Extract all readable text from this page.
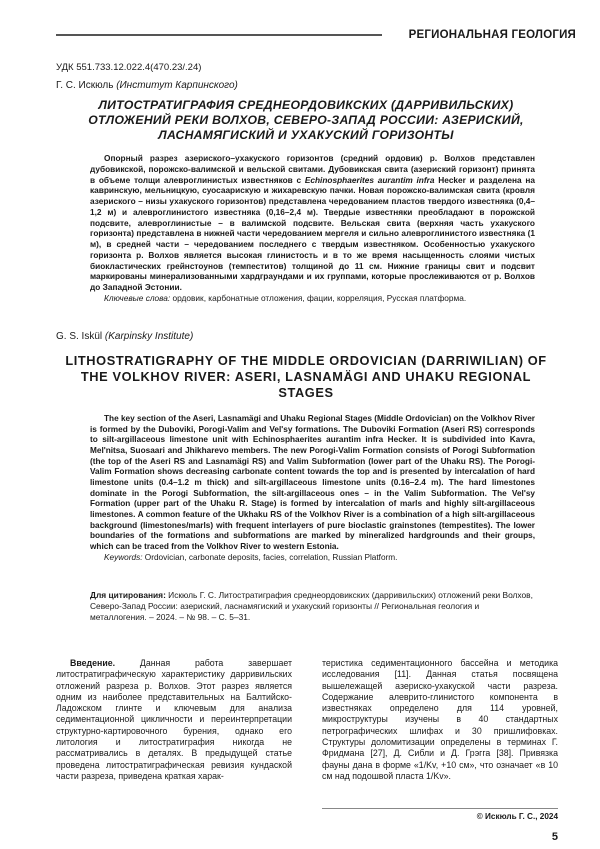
РЕГИОНАЛЬНАЯ ГЕОЛОГИЯ
УДК 551.733.12.022.4(470.23/.24)
Г. С. Искюль (Институт Карпинского)
ЛИТОСТРАТИГРАФИЯ СРЕДНЕОРДОВИКСКИХ (ДАРРИВИЛЬСКИХ) ОТЛОЖЕНИЙ РЕКИ ВОЛХОВ, СЕВЕРО-ЗАПАД РОССИИ: АЗЕРИСКИЙ, ЛАСНАМЯГИСКИЙ И УХАКУСКИЙ ГОРИЗОНТЫ

Опорный разрез азериского–ухакуского горизонтов (средний ордовик) р. Волхов представлен дубовикской, порожско-валимской и вельской свитами. Дубовикская свита (азериский горизонт) принята в объеме толщи алевроглинистых известняков с Echinosphaerites aurantim infra Hecker и разделена на кавринскую, мельницкую, суосаарискую и жихаревскую пачки. Новая порожско-валимская свита (кровля азериского – низы ухакуского горизонтов) представлена чередованием пластов твердого известняка (0,4–1,2 м) и алевроглинистого известняка (0,16–2,4 м). Твердые известняки преобладают в порожской подсвите, алевроглинистые – в валимской подсвите. Вельская свита (верхняя часть ухакуского горизонта) представлена в нижней части чередованием мергеля и сильно алевроглинистого известняка (1 м), в средней части – чередованием последнего с твердым известняком. Особенностью ухакуского горизонта р. Волхов является высокая глинистость и в то же время насыщенность слоями чистых биокластических грейнстоунов (темпеститов) толщиной до 11 см. Нижние границы свит и подсвит маркированы минерализованными хардграундами и их группами, которые прослеживаются от р. Волхов до Западной Эстонии.

Ключевые слова: ордовик, карбонатные отложения, фации, корреляция, Русская платформа.

G. S. Iskül (Karpinsky Institute)
LITHOSTRATIGRAPHY OF THE MIDDLE ORDOVICIAN (DARRIWILIAN) OF THE VOLKHOV RIVER: ASERI, LASNAMÄGI AND UHAKU REGIONAL STAGES

The key section of the Aseri, Lasnamägi and Uhaku Regional Stages (Middle Ordovician) on the Volkhov River is formed by the Duboviki, Porogi-Valim and Vel'sy formations. The Duboviki Formation (Aseri RS) corresponds to silt-argillaceous limestone unit with Echinosphaerites aurantim infra Hecker. It is subdivided into Kavra, Mel'nitsa, Suosaari and Jhikharevo members. The new Porogi-Valim Formation consists of Porogi Subformation (the top of the Aseri RS and Lasnamägi RS) and Valim Subformation (lower part of the Uhaku RS). The Porogi-Valim Formation shows decreasing carbonate content towards the top and is presented by intercalation of hard limestone units (0.4–1.2 m thick) and silt-argillaceous limestone units (0.16–2.4 m). The hard limestones dominate in the Porogi Subformation, the silt-argillaceous ones – in the Valim Subformation. The Vel'sy Formation (upper part of the Uhaku R. Stage) is formed by intercalation of marls and highly silt-argillaceous limestones. A common feature of the Ukhaku RS of the Volkhov River is a combination of a high silt-argillaceous background (limestones/marls) with frequent interlayers of pure bioclastic grainstones (tempestites). The lower boundaries of the formations and subformations are marked by mineralized hardgrounds and their groups, which can be traced from the Volkhov River to western Estonia.

Keywords: Ordovician, carbonate deposits, facies, correlation, Russian Platform.

Для цитирования: Искюль Г. С. Литостратиграфия среднеордовикских (дарривильских) отложений реки Волхов, Северо-Запад России: азериский, ласнамягиский и ухакуский горизонты // Региональная геология и металлогения. – 2024. – № 98. – С. 5–31.

Введение. Данная работа завершает литостратиграфическую характеристику дарривильских отложений разреза р. Волхов. Этот разрез является одним из наиболее представительных на Балтийско-Ладожском глинте и ключевым для анализа седиментационной цикличности и переинтерпретации структурно-картировочного бурения, однако его литология и литостратиграфия никогда не рассматривались в деталях. В предыдущей статье проведена литостратиграфическая ревизия кундаской части разреза, приведена краткая харак-

теристика седиментационного бассейна и методика исследования [11]. Данная статья посвящена вышележащей азериско-ухакуской части разреза. Содержание алеврито-глинистого компонента в известняках определено для 114 уровней, микроструктуры изучены в 40 стандартных петрографических шлифах и 30 пришлифовках. Структуры доломитизации определены в терминах Г. Фридмана [27], Д. Сибли и Д. Грэгга [38]. Привязка фауны дана в форме «1/Kv, +10 см», что означает «в 10 см над подошвой пласта 1/Kv».

© Искюль Г. С., 2024
5
